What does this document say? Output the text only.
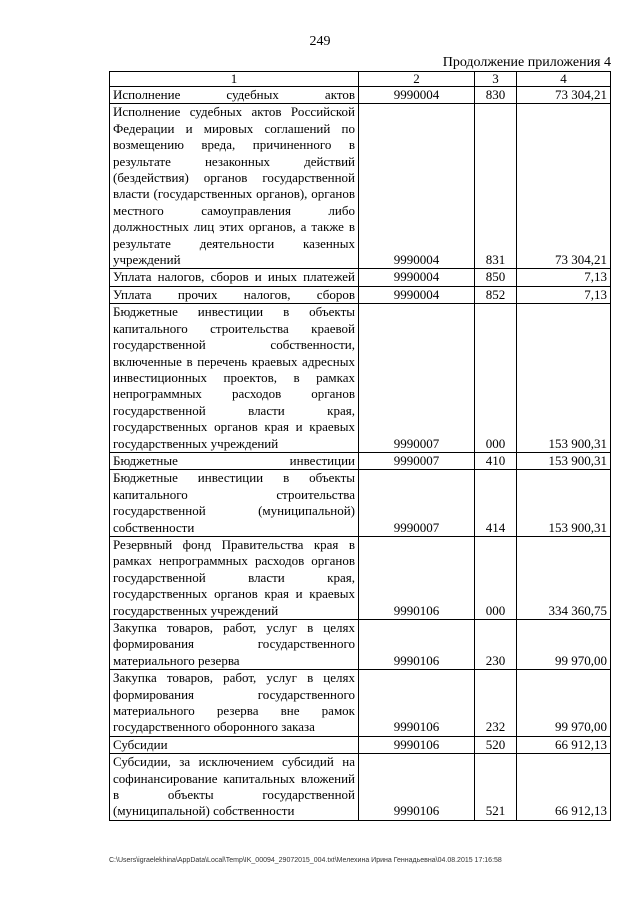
249
Продолжение приложения 4
1	2	3	4
Исполнение судебных актов	9990004	830	73 304,21
Исполнение судебных актов Российской Федерации и мировых соглашений по возмещению вреда, причиненного в результате незаконных действий (бездействия) органов государственной власти (государственных органов), органов местного самоуправления либо должностных лиц этих органов, а также в результате деятельности казенных учреждений	9990004	831	73 304,21
Уплата налогов, сборов и иных платежей	9990004	850	7,13
Уплата прочих налогов, сборов	9990004	852	7,13
Бюджетные инвестиции в объекты капитального строительства краевой государственной собственности, включенные в перечень краевых адресных инвестиционных проектов, в рамках непрограммных расходов органов государственной власти края, государственных органов края и краевых государственных учреждений	9990007	000	153 900,31
Бюджетные инвестиции	9990007	410	153 900,31
Бюджетные инвестиции в объекты капитального строительства государственной (муниципальной) собственности	9990007	414	153 900,31
Резервный фонд Правительства края в рамках непрограммных расходов органов государственной власти края, государственных органов края и краевых государственных учреждений	9990106	000	334 360,75
Закупка товаров, работ, услуг в целях формирования государственного материального резерва	9990106	230	99 970,00
Закупка товаров, работ, услуг в целях формирования государственного материального резерва вне рамок государственного оборонного заказа	9990106	232	99 970,00
Субсидии	9990106	520	66 912,13
Субсидии, за исключением субсидий на софинансирование капитальных вложений в объекты государственной (муниципальной) собственности	9990106	521	66 912,13
C:\Users\igraelekhina\AppData\Local\Temp\IK_00094_29072015_004.txt\Мелехина Ирина Геннадьевна\04.08.2015 17:16:58
